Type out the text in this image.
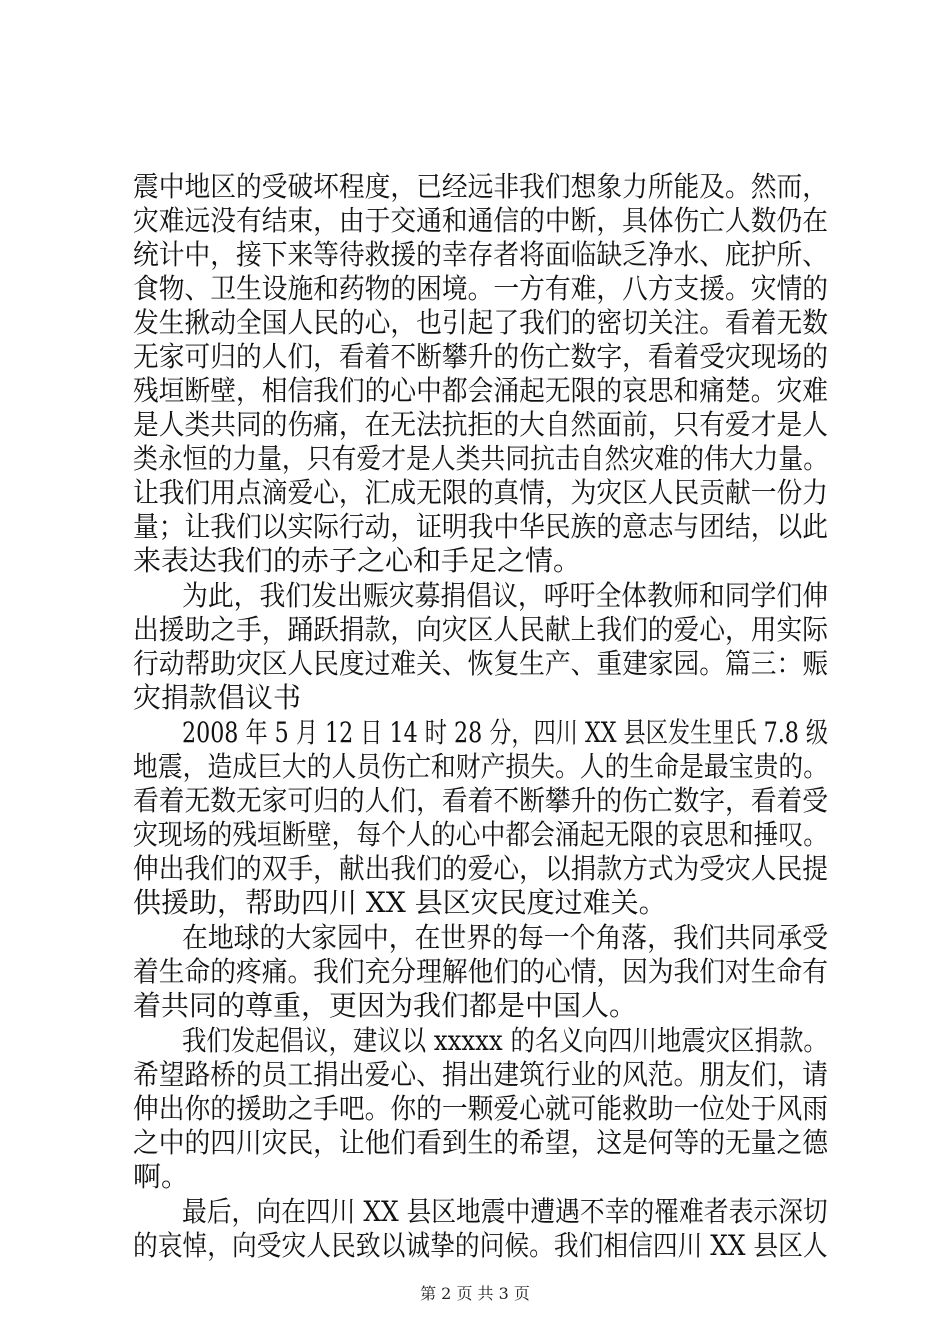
震中地区的受破坏程度，已经远非我们想象力所能及。然而，
灾难远没有结束，由于交通和通信的中断，具体伤亡人数仍在
统计中，接下来等待救援的幸存者将面临缺乏净水、庇护所、
食物、卫生设施和药物的困境。一方有难，八方支援。灾情的
发生揪动全国人民的心，也引起了我们的密切关注。看着无数
无家可归的人们，看着不断攀升的伤亡数字，看着受灾现场的
残垣断壁，相信我们的心中都会涌起无限的哀思和痛楚。灾难
是人类共同的伤痛，在无法抗拒的大自然面前，只有爱才是人
类永恒的力量，只有爱才是人类共同抗击自然灾难的伟大力量。
让我们用点滴爱心，汇成无限的真情，为灾区人民贡献一份力
量；让我们以实际行动，证明我中华民族的意志与团结，以此
来表达我们的赤子之心和手足之情。
为此，我们发出赈灾募捐倡议，呼吁全体教师和同学们伸
出援助之手，踊跃捐款，向灾区人民献上我们的爱心，用实际
行动帮助灾区人民度过难关、恢复生产、重建家园。篇三：赈
灾捐款倡议书
2008 年 5 月 12 日 14 时 28 分，四川 XX 县区发生里氏 7.8 级
地震，造成巨大的人员伤亡和财产损失。人的生命是最宝贵的。
看着无数无家可归的人们，看着不断攀升的伤亡数字，看着受
灾现场的残垣断壁，每个人的心中都会涌起无限的哀思和捶叹。
伸出我们的双手，献出我们的爱心，以捐款方式为受灾人民提
供援助，帮助四川 XX 县区灾民度过难关。
在地球的大家园中，在世界的每一个角落，我们共同承受
着生命的疼痛。我们充分理解他们的心情，因为我们对生命有
着共同的尊重，更因为我们都是中国人。
我们发起倡议，建议以 xxxxx 的名义向四川地震灾区捐款。
希望路桥的员工捐出爱心、捐出建筑行业的风范。朋友们，请
伸出你的援助之手吧。你的一颗爱心就可能救助一位处于风雨
之中的四川灾民，让他们看到生的希望，这是何等的无量之德
啊。
最后，向在四川 XX 县区地震中遭遇不幸的罹难者表示深切
的哀悼，向受灾人民致以诚挚的问候。我们相信四川 XX 县区人
第 2 页 共 3 页
